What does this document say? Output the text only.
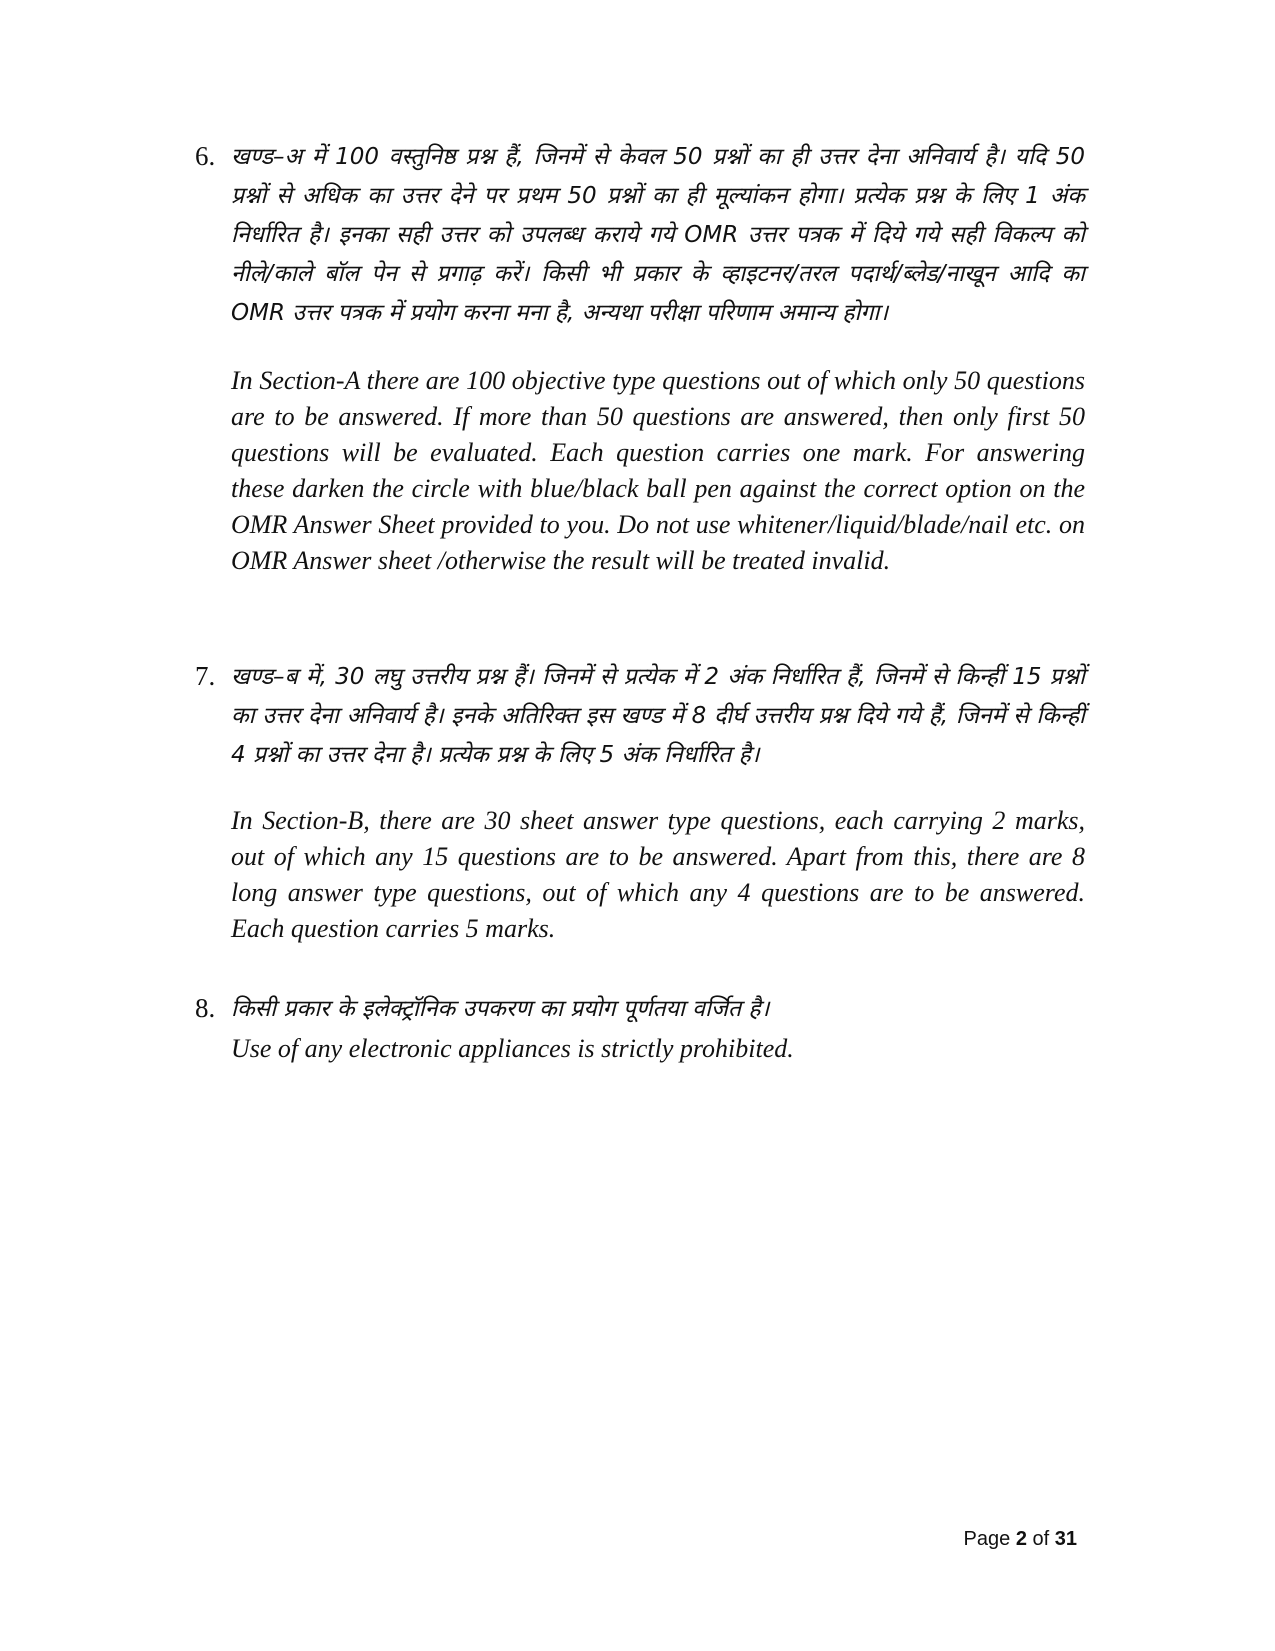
6. खण्ड–अ में 100 वस्तुनिष्ठ प्रश्न हैं, जिनमें से केवल 50 प्रश्नों का ही उत्तर देना अनिवार्य है। यदि 50 प्रश्नों से अधिक का उत्तर देने पर प्रथम 50 प्रश्नों का ही मूल्यांकन होगा। प्रत्येक प्रश्न के लिए 1 अंक निर्धारित है। इनका सही उत्तर को उपलब्ध कराये गये OMR उत्तर पत्रक में दिये गये सही विकल्प को नीले/काले बॉल पेन से प्रगाढ़ करें। किसी भी प्रकार के व्हाइटनर/तरल पदार्थ/ब्लेड/नाखून आदि का OMR उत्तर पत्रक में प्रयोग करना मना है, अन्यथा परीक्षा परिणाम अमान्य होगा।

In Section-A there are 100 objective type questions out of which only 50 questions are to be answered. If more than 50 questions are answered, then only first 50 questions will be evaluated. Each question carries one mark. For answering these darken the circle with blue/black ball pen against the correct option on the OMR Answer Sheet provided to you. Do not use whitener/liquid/blade/nail etc. on OMR Answer sheet /otherwise the result will be treated invalid.

7. खण्ड–ब में, 30 लघु उत्तरीय प्रश्न हैं। जिनमें से प्रत्येक में 2 अंक निर्धारित हैं, जिनमें से किन्हीं 15 प्रश्नों का उत्तर देना अनिवार्य है। इनके अतिरिक्त इस खण्ड में 8 दीर्घ उत्तरीय प्रश्न दिये गये हैं, जिनमें से किन्हीं 4 प्रश्नों का उत्तर देना है। प्रत्येक प्रश्न के लिए 5 अंक निर्धारित है।

In Section-B, there are 30 sheet answer type questions, each carrying 2 marks, out of which any 15 questions are to be answered. Apart from this, there are 8 long answer type questions, out of which any 4 questions are to be answered. Each question carries 5 marks.

8. किसी प्रकार के इलेक्ट्रॉनिक उपकरण का प्रयोग पूर्णतया वर्जित है।

Use of any electronic appliances is strictly prohibited.

Page 2 of 31
